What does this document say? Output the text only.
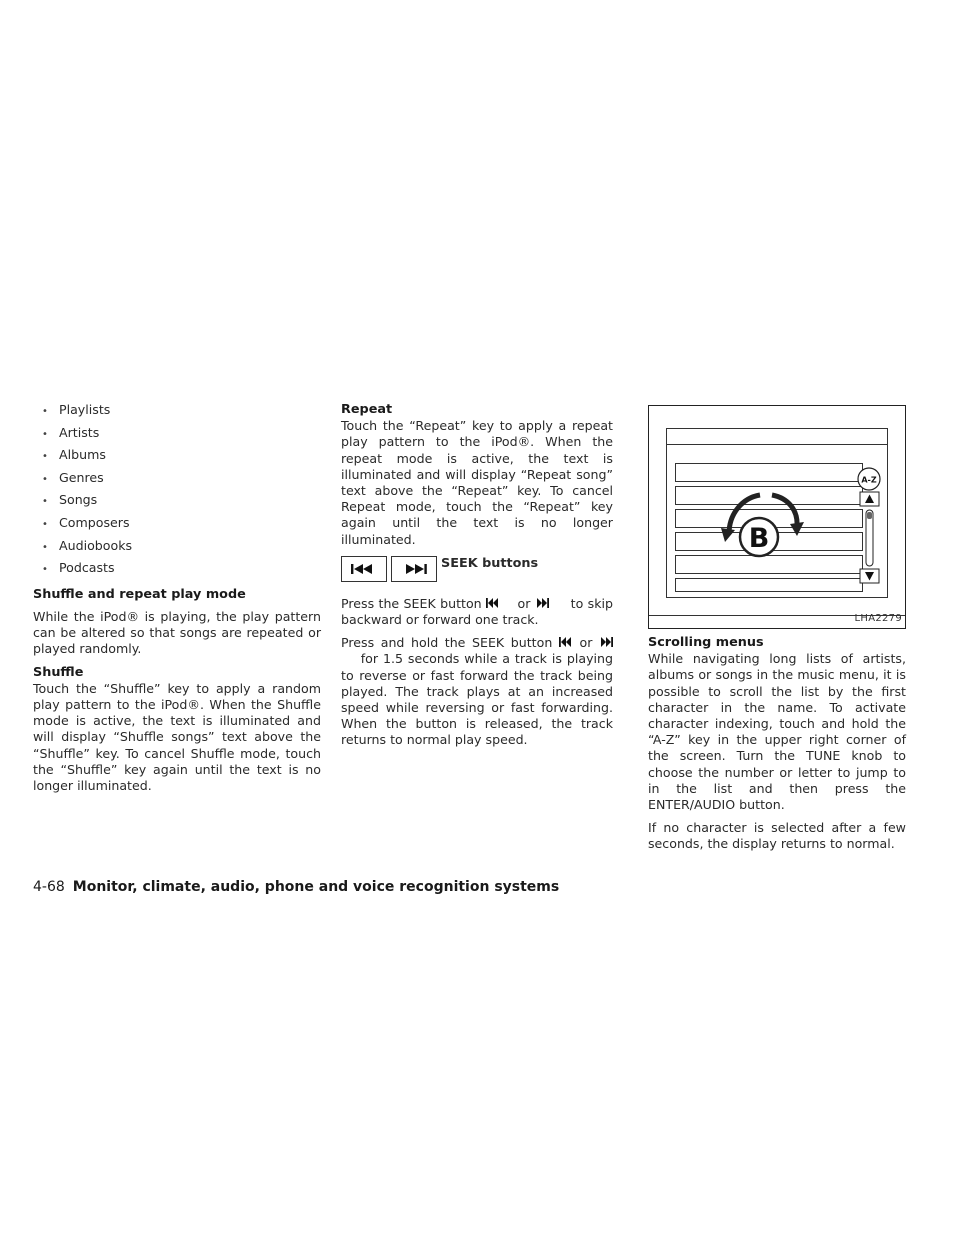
• Playlists
• Artists
• Albums
• Genres
• Songs
• Composers
• Audiobooks
• Podcasts
Shuffle and repeat play mode

While the iPod® is playing, the play pattern can be altered so that songs are repeated or played randomly.

Shuffle

Touch the “Shuffle” key to apply a random play pattern to the iPod®. When the Shuffle mode is active, the text is illuminated and will display “Shuffle songs” text above the “Shuffle” key. To cancel Shuffle mode, touch the “Shuffle” key again until the text is no longer illuminated.

Repeat

Touch the “Repeat” key to apply a repeat play pattern to the iPod®. When the repeat mode is active, the text is illuminated and will display “Repeat song” text above the “Repeat” key. To cancel Repeat mode, touch the “Repeat” key again until the text is no longer illuminated.

SEEK buttons

Press the SEEK button	or	to skip backward or forward one track.

Press and hold the SEEK button or      for 1.5 seconds while a track is playing to reverse or fast forward the track being played. The track plays at an increased speed while reversing or fast forwarding. When the button is released, the track returns to normal play speed.

A-Z
B
LHA2279
Scrolling menus

While navigating long lists of artists, albums or songs in the music menu, it is possible to scroll the list by the first character in the name. To activate character indexing, touch and hold the “A-Z” key in the upper right corner of the screen. Turn the TUNE knob to choose the number or letter to jump to in the list and then press the ENTER/AUDIO button.

If no character is selected after a few seconds, the display returns to normal.

4-68 Monitor, climate, audio, phone and voice recognition systems
